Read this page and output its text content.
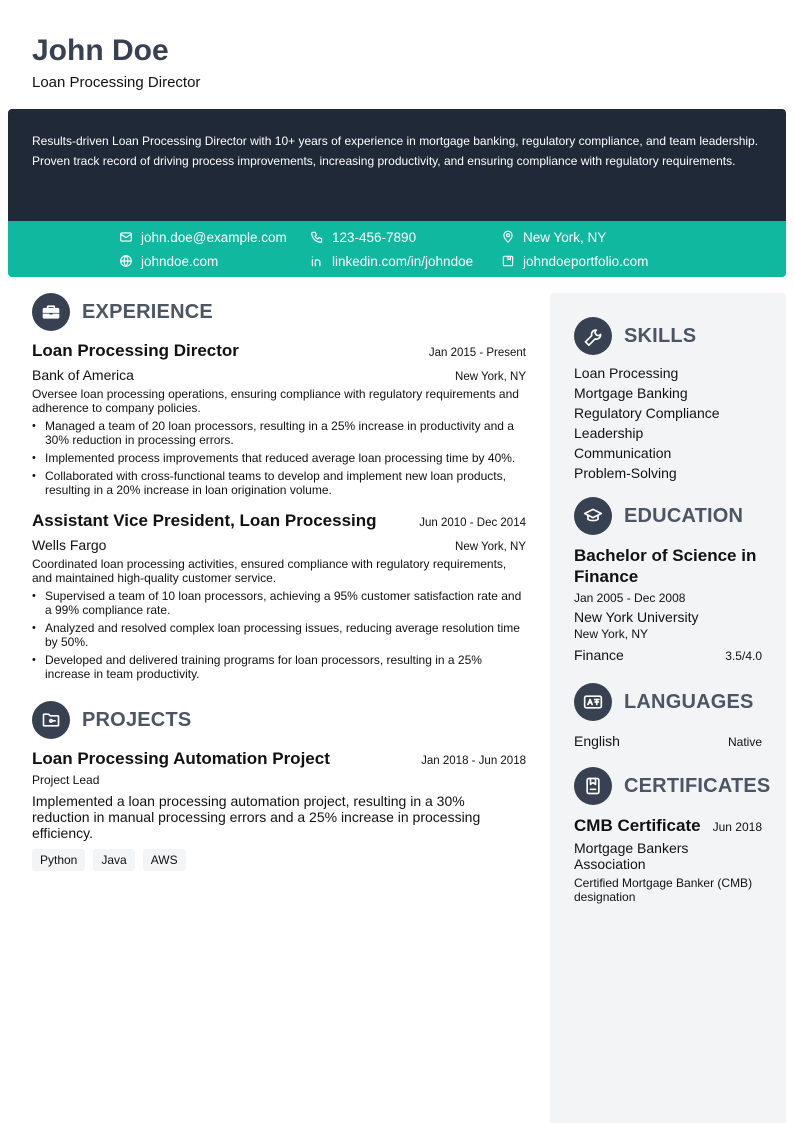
John Doe
Loan Processing Director

Results-driven Loan Processing Director with 10+ years of experience in mortgage banking, regulatory compliance, and team leadership. Proven track record of driving process improvements, increasing productivity, and ensuring compliance with regulatory requirements.

john.doe@example.com	123-456-7890	New York, NY
johndoe.com	linkedin.com/in/johndoe	johndoeportfolio.com
EXPERIENCE
Loan Processing Director	Jan 2015 - Present
Bank of America	New York, NY
Oversee loan processing operations, ensuring compliance with regulatory requirements and adherence to company policies.
• Managed a team of 20 loan processors, resulting in a 25% increase in productivity and a 30% reduction in processing errors.
• Implemented process improvements that reduced average loan processing time by 40%.
• Collaborated with cross-functional teams to develop and implement new loan products, resulting in a 20% increase in loan origination volume.
Assistant Vice President, Loan Processing	Jun 2010 - Dec 2014
Wells Fargo	New York, NY
Coordinated loan processing activities, ensured compliance with regulatory requirements, and maintained high-quality customer service.
• Supervised a team of 10 loan processors, achieving a 95% customer satisfaction rate and a 99% compliance rate.
• Analyzed and resolved complex loan processing issues, reducing average resolution time by 50%.
• Developed and delivered training programs for loan processors, resulting in a 25% increase in team productivity.
PROJECTS
Loan Processing Automation Project	Jan 2018 - Jun 2018
Project Lead
Implemented a loan processing automation project, resulting in a 30% reduction in manual processing errors and a 25% increase in processing efficiency.
Python	Java	AWS
SKILLS
Loan Processing
Mortgage Banking
Regulatory Compliance
Leadership
Communication
Problem-Solving
EDUCATION
Bachelor of Science in Finance
Jan 2005 - Dec 2008
New York University
New York, NY
Finance	3.5/4.0
LANGUAGES
English	Native
CERTIFICATES
CMB Certificate Jun 2018
Mortgage Bankers Association
Certified Mortgage Banker (CMB) designation
